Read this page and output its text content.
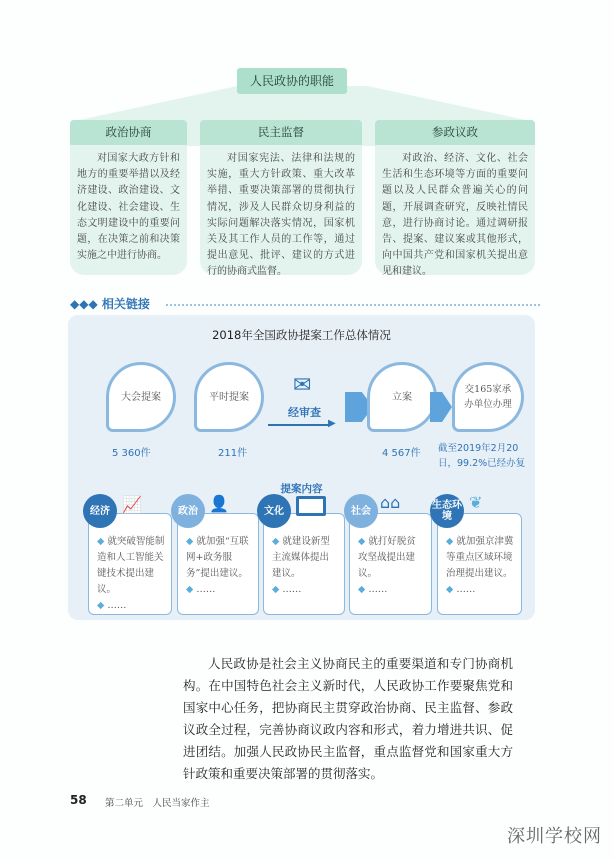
人民政协的职能
政治协商
对国家大政方针和地方的重要举措以及经济建设、政治建设、文化建设、社会建设、生态文明建设中的重要问题，在决策之前和决策实施之中进行协商。
民主监督
对国家宪法、法律和法规的实施，重大方针政策、重大改革举措、重要决策部署的贯彻执行情况，涉及人民群众切身利益的实际问题解决落实情况，国家机关及其工作人员的工作等，通过提出意见、批评、建议的方式进行的协商式监督。
参政议政
对政治、经济、文化、社会生活和生态环境等方面的重要问题以及人民群众普遍关心的问题，开展调查研究，反映社情民意，进行协商讨论。通过调研报告、提案、建议案或其他形式，向中国共产党和国家机关提出意见和建议。
◆◆◆ 相关链接
2018年全国政协提案工作总体情况
大会提案
5 360件
平时提案
211件
✉
经审查
▶
立案
4 567件
交165家承办单位办理
截至2019年2月20日，99.2%已经办复
提案内容
◆ 就突破智能制造和人工智能关键技术提出建议。
◆ ……
◆ 就加强“互联网+政务服务”提出建议。
◆ ……
◆ 就建设新型主流媒体提出建议。
◆ ……
◆ 就打好脱贫攻坚战提出建议。
◆ ……
◆ 就加强京津冀等重点区域环境治理提出建议。
◆ ……
经济 📈	政治 👤	文化	社会 ⌂⌂	生态环境
❦
人民政协是社会主义协商民主的重要渠道和专门协商机构。在中国特色社会主义新时代，人民政协工作要聚焦党和国家中心任务，把协商民主贯穿政治协商、民主监督、参政议政全过程，完善协商议政内容和形式，着力增进共识、促进团结。加强人民政协民主监督，重点监督党和国家重大方针政策和重要决策部署的贯彻落实。
58 第二单元　人民当家作主
深圳学校网
